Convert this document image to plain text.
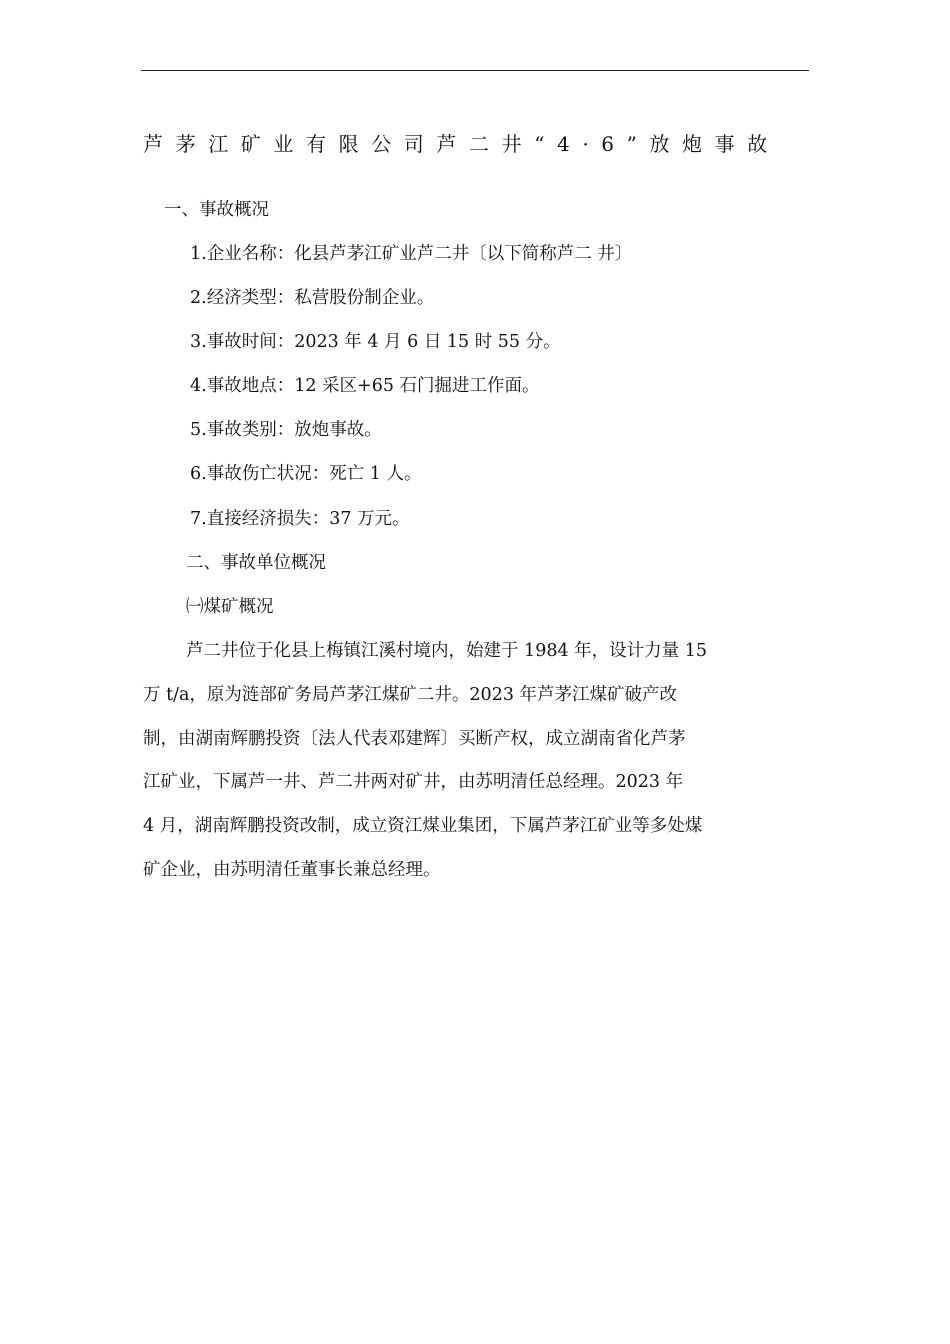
芦茅江矿业有限公司芦二井“4·6”放炮事故

一、事故概况

1.企业名称：化县芦茅江矿业芦二井〔以下简称芦二 井〕

2.经济类型：私营股份制企业。

3.事故时间：2023 年 4 月 6 日 15 时 55 分。

4.事故地点：12 采区+65 石门掘进工作面。

5.事故类别：放炮事故。

6.事故伤亡状况：死亡 1 人。

7.直接经济损失：37 万元。

二、事故单位概况

㈠煤矿概况

芦二井位于化县上梅镇江溪村境内，始建于 1984 年，设计力量 15
万 t/a，原为涟部矿务局芦茅江煤矿二井。2023 年芦茅江煤矿破产改
制，由湖南辉鹏投资〔法人代表邓建辉〕买断产权，成立湖南省化芦茅
江矿业，下属芦一井、芦二井两对矿井，由苏明清任总经理。2023 年
4 月，湖南辉鹏投资改制，成立资江煤业集团，下属芦茅江矿业等多处煤
矿企业，由苏明清任董事长兼总经理。
